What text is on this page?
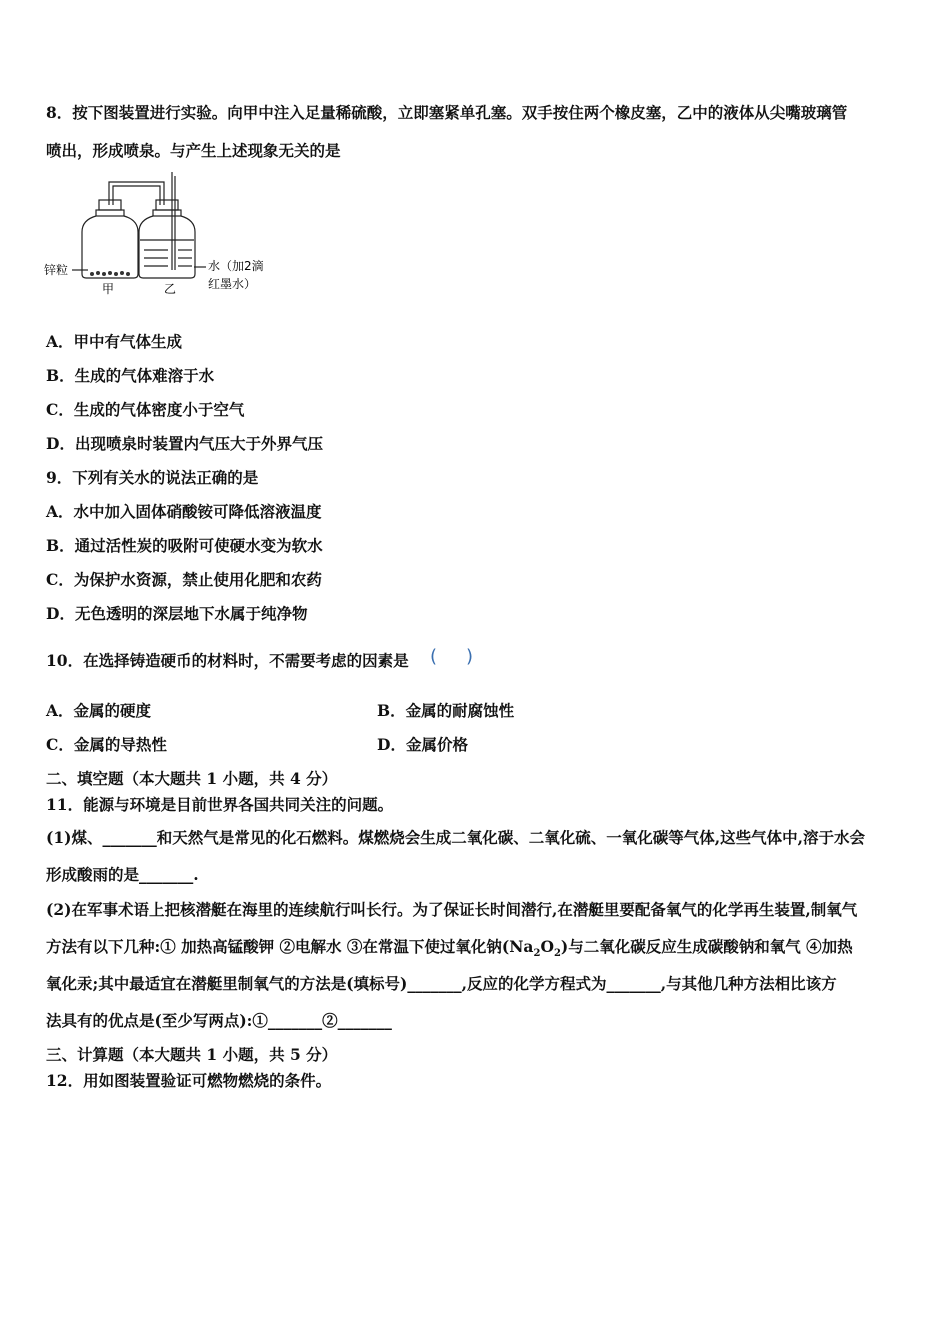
8．按下图装置进行实验。向甲中注入足量稀硫酸，立即塞紧单孔塞。双手按住两个橡皮塞，乙中的液体从尖嘴玻璃管
喷出，形成喷泉。与产生上述现象无关的是
锌粒
甲	乙
水（加2滴
红墨水）
A．甲中有气体生成
B．生成的气体难溶于水
C．生成的气体密度小于空气
D．出现喷泉时装置内气压大于外界气压
9．下列有关水的说法正确的是
A．水中加入固体硝酸铵可降低溶液温度
B．通过活性炭的吸附可使硬水变为软水
C．为保护水资源，禁止使用化肥和农药
D．无色透明的深层地下水属于纯净物
10．在选择铸造硬币的材料时，不需要考虑的因素是 ( )
A．金属的硬度	B．金属的耐腐蚀性
C．金属的导热性	D．金属价格
二、填空题（本大题共 1 小题，共 4 分）
11．能源与环境是目前世界各国共同关注的问题。
(1)煤、_______和天然气是常见的化石燃料。煤燃烧会生成二氧化碳、二氧化硫、一氧化碳等气体,这些气体中,溶于水会
形成酸雨的是_______.
(2)在军事术语上把核潜艇在海里的连续航行叫长行。为了保证长时间潜行,在潜艇里要配备氧气的化学再生装置,制氧气
方法有以下几种:① 加热高锰酸钾 ②电解水 ③在常温下使过氧化钠$(Na_2O_2)$与二氧化碳反应生成碳酸钠和氧气 ④加热
氧化汞;其中最适宜在潜艇里制氧气的方法是(填标号)_______,反应的化学方程式为_______,与其他几种方法相比该方
法具有的优点是(至少写两点):①_______②_______
三、计算题（本大题共 1 小题，共 5 分）
12．用如图装置验证可燃物燃烧的条件。
